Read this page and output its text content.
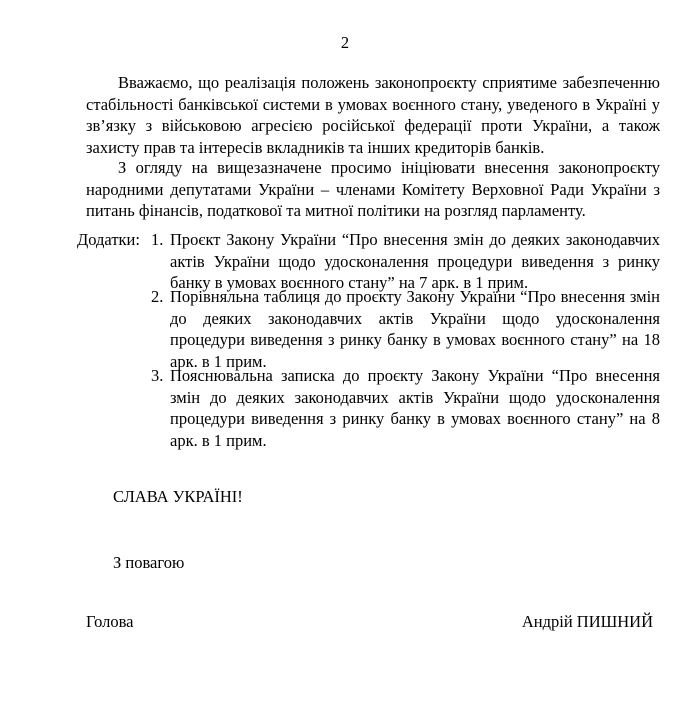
2

Вважаємо, що реалізація положень законопроєкту сприятиме забезпеченню стабільності банківської системи в умовах воєнного стану, уведеного в Україні у зв’язку з військовою агресією російської федерації проти України, а також захисту прав та інтересів вкладників та інших кредиторів банків.

З огляду на вищезазначене просимо ініціювати внесення законопроєкту народними депутатами України – членами Комітету Верховної Ради України з питань фінансів, податкової та митної політики на розгляд парламенту.

Додатки: 1. Проєкт Закону України “Про внесення змін до деяких законодавчих актів України щодо удосконалення процедури виведення з ринку банку в умовах воєнного стану” на 7 арк. в 1 прим.
2. Порівняльна таблиця до проєкту Закону України “Про внесення змін до деяких законодавчих актів України щодо удосконалення процедури виведення з ринку банку в умовах воєнного стану” на 18 арк. в 1 прим.
3. Пояснювальна записка до проєкту Закону України “Про внесення змін до деяких законодавчих актів України щодо удосконалення процедури виведення з ринку банку в умовах воєнного стану” на 8 арк. в 1 прим.
СЛАВА УКРАЇНІ!
З повагою
Голова	Андрій ПИШНИЙ
